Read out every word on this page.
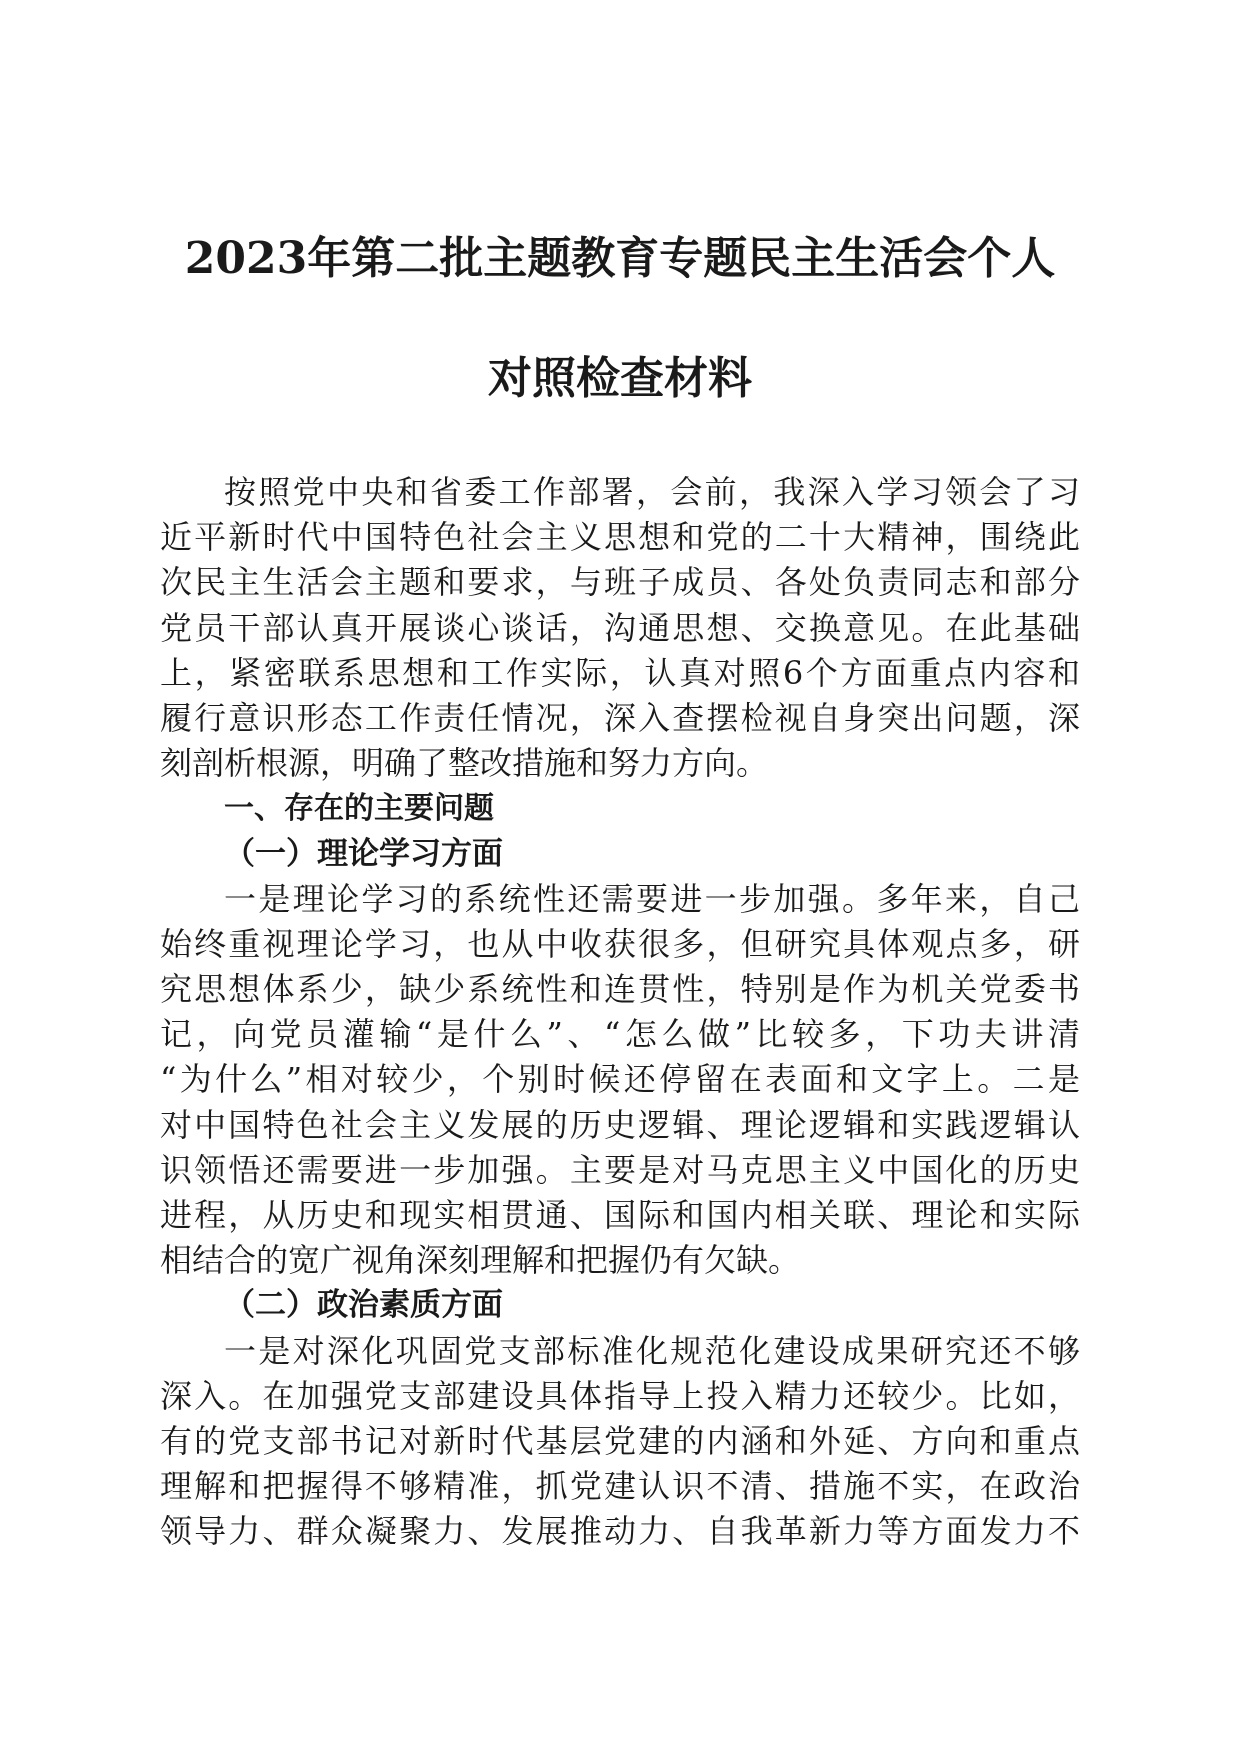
2023年第二批主题教育专题民主生活会个人
对照检查材料
按照党中央和省委工作部署，会前，我深入学习领会了习
近平新时代中国特色社会主义思想和党的二十大精神，围绕此
次民主生活会主题和要求，与班子成员、各处负责同志和部分
党员干部认真开展谈心谈话，沟通思想、交换意见。在此基础
上，紧密联系思想和工作实际，认真对照6个方面重点内容和
履行意识形态工作责任情况，深入查摆检视自身突出问题，深
刻剖析根源，明确了整改措施和努力方向。
一、存在的主要问题
（一）理论学习方面
一是理论学习的系统性还需要进一步加强。多年来，自己
始终重视理论学习，也从中收获很多，但研究具体观点多，研
究思想体系少，缺少系统性和连贯性，特别是作为机关党委书
记，向党员灌输“是什么”、“怎么做”比较多，下功夫讲清
“为什么”相对较少，个别时候还停留在表面和文字上。二是
对中国特色社会主义发展的历史逻辑、理论逻辑和实践逻辑认
识领悟还需要进一步加强。主要是对马克思主义中国化的历史
进程，从历史和现实相贯通、国际和国内相关联、理论和实际
相结合的宽广视角深刻理解和把握仍有欠缺。
（二）政治素质方面
一是对深化巩固党支部标准化规范化建设成果研究还不够
深入。在加强党支部建设具体指导上投入精力还较少。比如，
有的党支部书记对新时代基层党建的内涵和外延、方向和重点
理解和把握得不够精准，抓党建认识不清、措施不实，在政治
领导力、群众凝聚力、发展推动力、自我革新力等方面发力不
